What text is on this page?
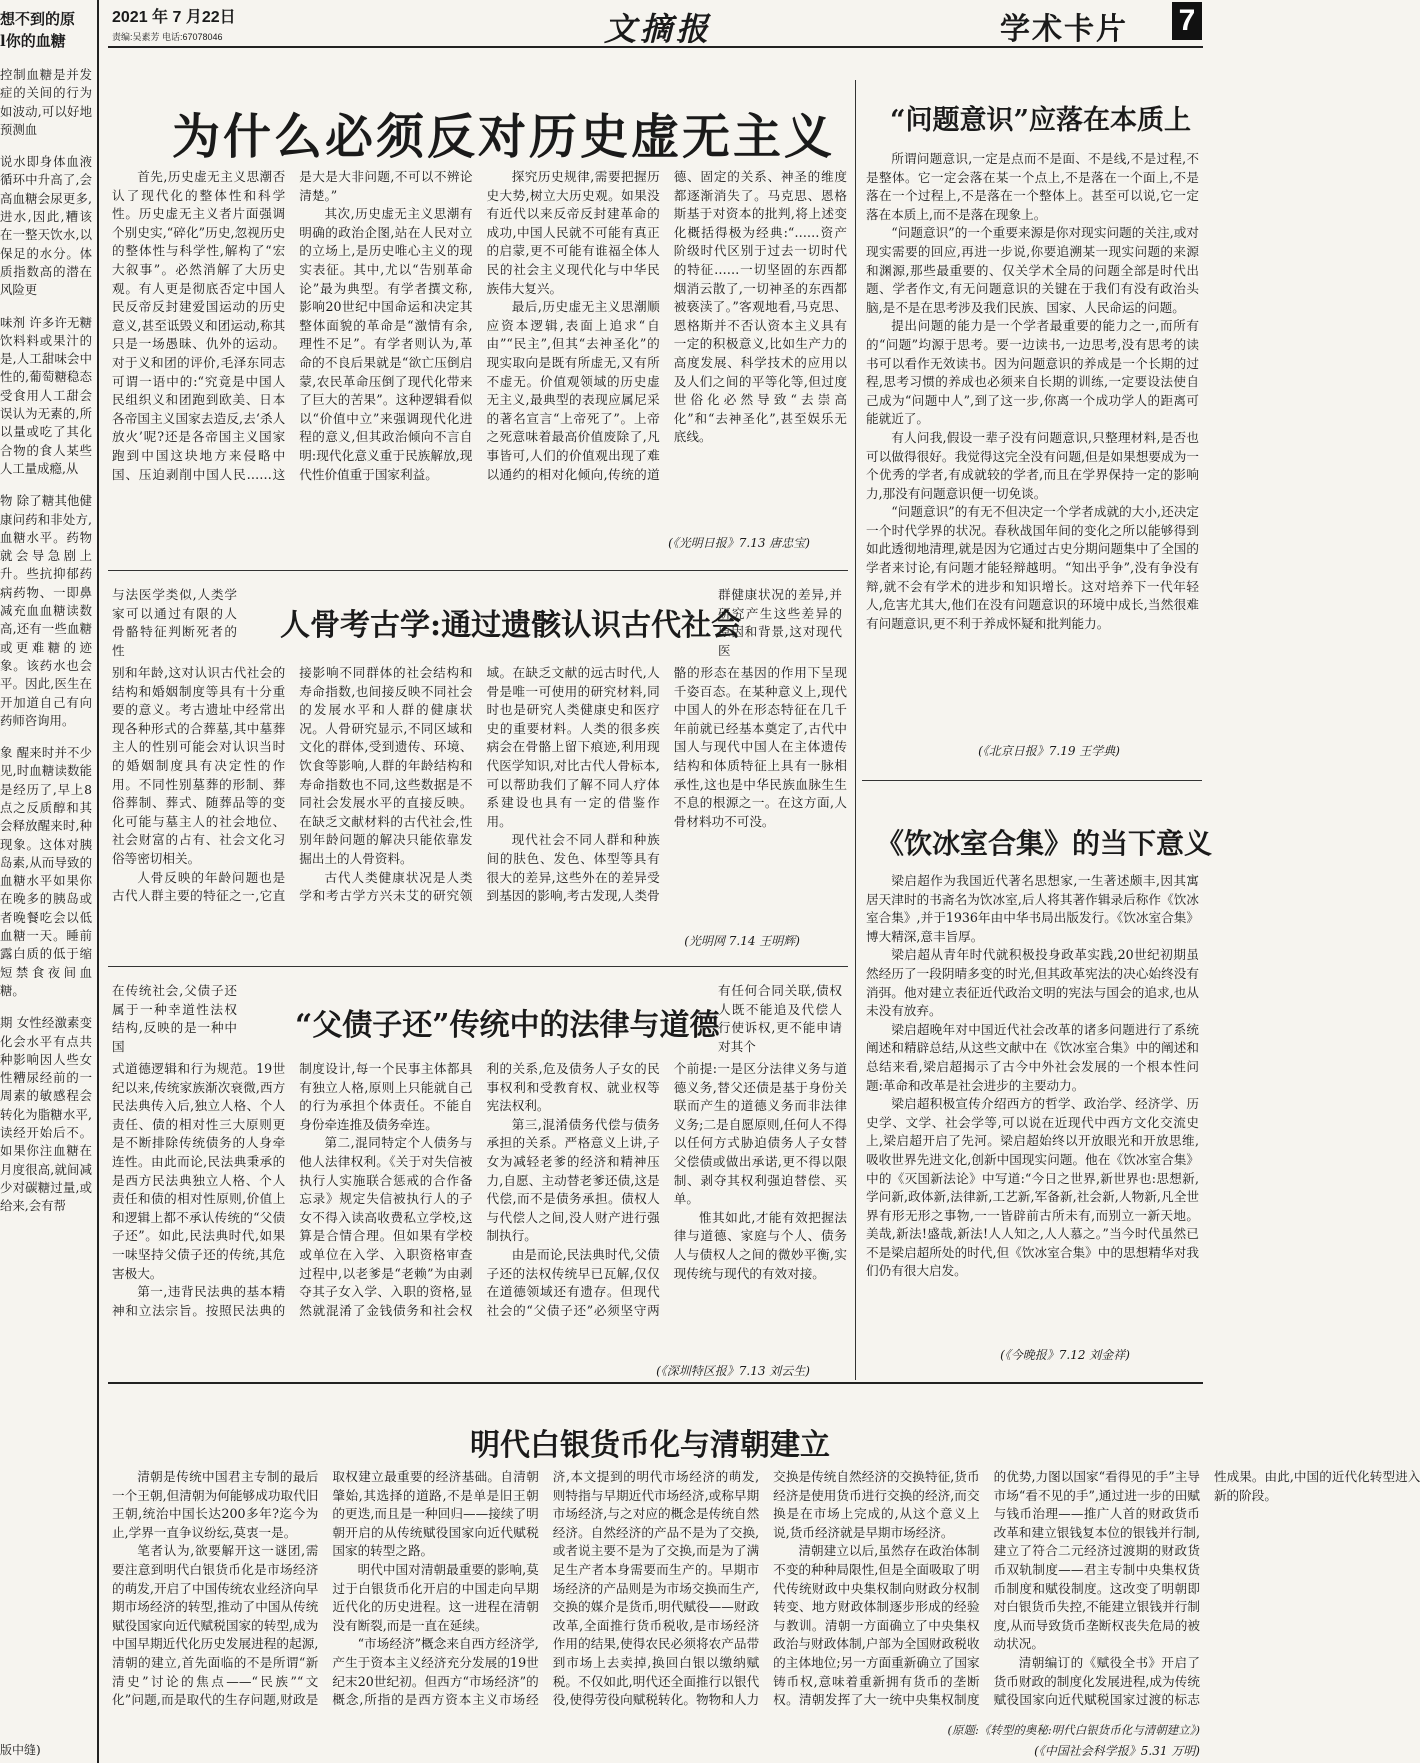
2021 年 7 月22日
责编:吴素芳 电话:67078046	文摘报	学术卡片 7
想不到的原
l你的血糖

控制血糖是并发症的关间的行为如波动,可以好地预测血

说水即身体血液循环中升高了,会高血糖会尿更多,进水,因此,糟该在一整天饮水,以保足的水分。体质指数高的潜在风险更

味剂 许多许无糖饮料料或果汁的是,人工甜味会中性的,葡萄糖稳态受食用人工甜会误认为无素的,所以量或吃了其化合物的食人某些人工量成瘾,从

物 除了糖其他健康问药和非处方,血糖水平。药物就会导急剧上升。些抗抑郁药病药物、一即鼻减充血血糖读数高,还有一些血糖或更难糖的迹象。该药水也会平。因此,医生在开加道自己有向药师咨询用。

象 醒来时并不少见,时血糖读数能是经历了,早上8点之反质醇和其会释放醒来时,种现象。这体对胰岛素,从而导致的血糖水平如果你在晚多的胰岛或者晚餐吃会以低血糖一天。睡前露白质的低于缩短禁食夜间血糖。

期 女性经激素变化会水平有点共种影响因人些女性糟尿经前的一周素的敏感程会转化为脂糖水平,读经开始后不。如果你注血糖在月度很高,就间减少对碳糖过量,或给来,会有帮

版中缝)
为什么必须反对历史虚无主义

首先,历史虚无主义思潮否认了现代化的整体性和科学性。历史虚无主义者片面强调个别史实,“碎化”历史,忽视历史的整体性与科学性,解构了“宏大叙事”。必然消解了大历史观。有人更是彻底否定中国人民反帝反封建爱国运动的历史意义,甚至诋毁义和团运动,称其只是一场愚昧、仇外的运动。对于义和团的评价,毛泽东同志可谓一语中的:“究竟是中国人民组织义和团跑到欧美、日本各帝国主义国家去造反,去‘杀人放火’呢?还是各帝国主义国家跑到中国这块地方来侵略中国、压迫剥削中国人民……这是大是大非问题,不可以不辨论清楚。”

其次,历史虚无主义思潮有明确的政治企图,站在人民对立的立场上,是历史唯心主义的现实表征。其中,尤以“告别革命论”最为典型。有学者撰文称,影响20世纪中国命运和决定其整体面貌的革命是“激情有余,理性不足”。有学者则认为,革命的不良后果就是“欲亡压倒启蒙,农民革命压倒了现代化带来了巨大的苦果”。这种逻辑看似以“价值中立”来强调现代化进程的意义,但其政治倾向不言自明:现代化意义重于民族解放,现代性价值重于国家利益。

探究历史规律,需要把握历史大势,树立大历史观。如果没有近代以来反帝反封建革命的成功,中国人民就不可能有真正的启蒙,更不可能有谁福全体人民的社会主义现代化与中华民族伟大复兴。

最后,历史虚无主义思潮顺应资本逻辑,表面上追求“自由”“民主”,但其“去神圣化”的现实取向是既有所虚无,又有所不虚无。价值观领域的历史虚无主义,最典型的表现应属尼采的著名宣言“上帝死了”。上帝之死意味着最高价值废除了,凡事皆可,人们的价值观出现了难以通约的相对化倾向,传统的道德、固定的关系、神圣的维度都逐渐消失了。马克思、恩格斯基于对资本的批判,将上述变化概括得极为经典:“……资产阶级时代区别于过去一切时代的特征……一切坚固的东西都烟消云散了,一切神圣的东西都被亵渎了。”客观地看,马克思、恩格斯并不否认资本主义具有一定的积极意义,比如生产力的高度发展、科学技术的应用以及人们之间的平等化等,但过度世俗化必然导致“去崇高化”和“去神圣化”,甚至娱乐无底线。

(《光明日报》7.13 唐忠宝)
与法医学类似,人类学家可以通过有限的人骨骼特征判断死者的性
人骨考古学:通过遗骸认识古代社会
群健康状况的差异,并研究产生这些差异的原因和背景,这对现代医

别和年龄,这对认识古代社会的结构和婚姻制度等具有十分重要的意义。考古遗址中经常出现各种形式的合葬墓,其中墓葬主人的性别可能会对认识当时的婚姻制度具有决定性的作用。不同性别墓葬的形制、葬俗葬制、葬式、随葬品等的变化可能与墓主人的社会地位、社会财富的占有、社会文化习俗等密切相关。

人骨反映的年龄问题也是古代人群主要的特征之一,它直接影响不同群体的社会结构和寿命指数,也间接反映不同社会的发展水平和人群的健康状况。人骨研究显示,不同区域和文化的群体,受到遗传、环境、饮食等影响,人群的年龄结构和寿命指数也不同,这些数据是不同社会发展水平的直接反映。在缺乏文献材料的古代社会,性别年龄问题的解决只能依靠发掘出土的人骨资料。

古代人类健康状况是人类学和考古学方兴未艾的研究领域。在缺乏文献的远古时代,人骨是唯一可使用的研究材料,同时也是研究人类健康史和医疗史的重要材料。人类的很多疾病会在骨骼上留下痕迹,利用现代医学知识,对比古代人骨标本,可以帮助我们了解不同人疗体系建设也具有一定的借鉴作用。

现代社会不同人群和种族间的肤色、发色、体型等具有很大的差异,这些外在的差异受到基因的影响,考古发现,人类骨骼的形态在基因的作用下呈现千姿百态。在某种意义上,现代中国人的外在形态特征在几千年前就已经基本奠定了,古代中国人与现代中国人在主体遗传结构和体质特征上具有一脉相承性,这也是中华民族血脉生生不息的根源之一。在这方面,人骨材料功不可没。

(光明网 7.14 王明辉)
在传统社会,父债子还属于一种幸道性法权结构,反映的是一种中国
“父债子还”传统中的法律与道德
有任何合同关联,债权人既不能追及代偿人行使诉权,更不能申请对其个

式道德逻辑和行为规范。19世纪以来,传统家族渐次衰微,西方民法典传入后,独立人格、个人责任、债的相对性三大原则更是不断排除传统债务的人身牵连性。由此而论,民法典秉承的是西方民法典独立人格、个人责任和债的相对性原则,价值上和逻辑上都不承认传统的“父债子还”。如此,民法典时代,如果一味坚持父债子还的传统,其危害极大。

第一,违背民法典的基本精神和立法宗旨。按照民法典的制度设计,每一个民事主体都具有独立人格,原则上只能就自己的行为承担个体责任。不能自身份牵连推及债务牵连。

第二,混同特定个人债务与他人法律权利。《关于对失信被执行人实施联合惩戒的合作备忘录》规定失信被执行人的子女不得入读高收费私立学校,这算是合情合理。但如果有学校或单位在入学、入职资格审查过程中,以老爹是“老赖”为由剥夺其子女入学、入职的资格,显然就混淆了金钱债务和社会权利的关系,危及债务人子女的民事权利和受教育权、就业权等宪法权利。

第三,混淆债务代偿与债务承担的关系。严格意义上讲,子女为减轻老爹的经济和精神压力,自愿、主动替老爹还债,这是代偿,而不是债务承担。债权人与代偿人之间,没人财产进行强制执行。

由是而论,民法典时代,父债子还的法权传统早已瓦解,仅仅在道德领域还有遗存。但现代社会的“父债子还”必须坚守两个前提:一是区分法律义务与道德义务,替父还债是基于身份关联而产生的道德义务而非法律义务;二是自愿原则,任何人不得以任何方式胁迫债务人子女替父偿债或做出承诺,更不得以限制、剥夺其权利强迫替偿、买单。

惟其如此,才能有效把握法律与道德、家庭与个人、债务人与债权人之间的微妙平衡,实现传统与现代的有效对接。

(《深圳特区报》7.13 刘云生)
“问题意识”应落在本质上

所谓问题意识,一定是点而不是面、不是线,不是过程,不是整体。它一定会落在某一个点上,不是落在一个面上,不是落在一个过程上,不是落在一个整体上。甚至可以说,它一定落在本质上,而不是落在现象上。

“问题意识”的一个重要来源是你对现实问题的关注,或对现实需要的回应,再进一步说,你要追溯某一现实问题的来源和渊源,那些最重要的、仅关学术全局的问题全部是时代出题、学者作文,有无问题意识的关键在于我们有没有政治头脑,是不是在思考涉及我们民族、国家、人民命运的问题。

提出问题的能力是一个学者最重要的能力之一,而所有的“问题”均源于思考。要一边读书,一边思考,没有思考的读书可以看作无效读书。因为问题意识的养成是一个长期的过程,思考习惯的养成也必须来自长期的训练,一定要设法使自己成为“问题中人”,到了这一步,你离一个成功学人的距离可能就近了。

有人问我,假设一辈子没有问题意识,只整理材料,是否也可以做得很好。我觉得这完全没有问题,但是如果想要成为一个优秀的学者,有成就较的学者,而且在学界保持一定的影响力,那没有问题意识便一切免谈。

“问题意识”的有无不但决定一个学者成就的大小,还决定一个时代学界的状况。春秋战国年间的变化之所以能够得到如此透彻地清理,就是因为它通过古史分期问题集中了全国的学者来讨论,有问题才能轻辩越明。“知出乎争”,没有争没有辩,就不会有学术的进步和知识增长。这对培养下一代年轻人,危害尤其大,他们在没有问题意识的环境中成长,当然很难有问题意识,更不利于养成怀疑和批判能力。

(《北京日报》7.19 王学典)
《饮冰室合集》的当下意义

梁启超作为我国近代著名思想家,一生著述颇丰,因其寓居天津时的书斋名为饮冰室,后人将其著作辑录后称作《饮冰室合集》,并于1936年由中华书局出版发行。《饮冰室合集》博大精深,意丰旨厚。

梁启超从青年时代就积极投身政革实践,20世纪初期虽然经历了一段阴晴多变的时光,但其政革宪法的决心始终没有消弭。他对建立表征近代政治文明的宪法与国会的追求,也从未没有放弃。

梁启超晚年对中国近代社会改革的诸多问题进行了系统阐述和精辟总结,从这些文献中在《饮冰室合集》中的阐述和总结来看,梁启超揭示了古今中外社会发展的一个根本性问题:革命和改革是社会进步的主要动力。

梁启超积极宣传介绍西方的哲学、政治学、经济学、历史学、文学、社会学等,可以说在近现代中西方文化交流史上,梁启超开启了先河。梁启超始终以开放眼光和开放思维,吸收世界先进文化,创新中国现实问题。他在《饮冰室合集》中的《灭国新法论》中写道:“今日之世界,新世界也:思想新,学问新,政体新,法律新,工艺新,军备新,社会新,人物新,凡全世界有形无形之事物,一一皆辟前古所未有,而别立一新天地。美哉,新法!盛哉,新法!人人知之,人人慕之。”当今时代虽然已不是梁启超所处的时代,但《饮冰室合集》中的思想精华对我们仍有很大启发。

(《今晚报》7.12 刘金祥)
明代白银货币化与清朝建立

清朝是传统中国君主专制的最后一个王朝,但清朝为何能够成功取代旧王朝,统治中国长达200多年?迄今为止,学界一直争议纷纭,莫衷一是。

笔者认为,欲要解开这一谜团,需要注意到明代白银货币化是市场经济的萌发,开启了中国传统农业经济向早期市场经济的转型,推动了中国从传统赋役国家向近代赋税国家的转型,成为中国早期近代化历史发展进程的起源,清朝的建立,首先面临的不是所谓“新清史”讨论的焦点——“民族”“文化”问题,而是取代的生存问题,财政是取权建立最重要的经济基础。自清朝肇始,其选择的道路,不是单是旧王朝的更迭,而且是一种回归——接续了明朝开启的从传统赋役国家向近代赋税国家的转型之路。

明代中国对清朝最重要的影响,莫过于白银货币化开启的中国走向早期近代化的历史进程。这一进程在清朝没有断裂,而是一直在延续。

“市场经济”概念来自西方经济学,产生于资本主义经济充分发展的19世纪末20世纪初。但西方“市场经济”的概念,所指的是西方资本主义市场经济,本文提到的明代市场经济的萌发,则特指与早期近代市场经济,或称早期市场经济,与之对应的概念是传统自然经济。自然经济的产品不是为了交换,或者说主要不是为了交换,而是为了满足生产者本身需要而生产的。早期市场经济的产品则是为市场交换而生产,交换的媒介是货币,明代赋役——财政改革,全面推行货币税收,是市场经济作用的结果,使得农民必须将农产品带到市场上去卖掉,换回白银以缴纳赋税。不仅如此,明代还全面推行以银代役,使得劳役向赋税转化。物物和人力交换是传统自然经济的交换特征,货币经济是使用货币进行交换的经济,而交换是在市场上完成的,从这个意义上说,货币经济就是早期市场经济。

清朝建立以后,虽然存在政治体制不变的种种局限性,但是全面吸取了明代传统财政中央集权制向财政分权制转变、地方财政体制逐步形成的经验与教训。清朝一方面确立了中央集权政治与财政体制,户部为全国财政税收的主体地位;另一方面重新确立了国家铸币权,意味着重新拥有货币的垄断权。清朝发挥了大一统中央集权制度的优势,力图以国家“看得见的手”主导市场“看不见的手”,通过进一步的田赋与钱币治理——推广人首的财政货币改革和建立银钱复本位的银钱并行制,建立了符合二元经济过渡期的财政货币双轨制度——君主专制中央集权货币制度和赋役制度。这改变了明朝即对白银货币失控,不能建立银钱并行制度,从而导致货币垄断权丧失危局的被动状况。

清朝编订的《赋役全书》开启了货币财政的制度化发展进程,成为传统赋役国家向近代赋税国家过渡的标志性成果。由此,中国的近代化转型进入新的阶段。

(原题:《转型的奥秘:明代白银货币化与清朝建立》)
(《中国社会科学报》5.31 万明)
